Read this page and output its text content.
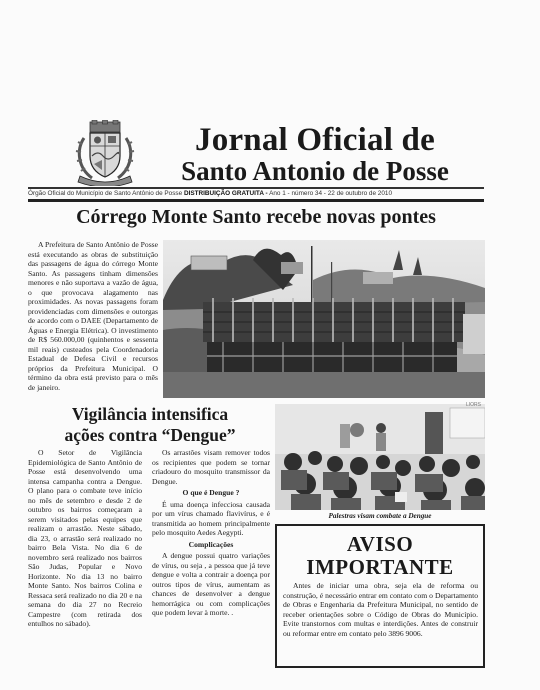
Jornal Oficial de
Santo Antonio de Posse
Órgão Oficial do Município de Santo Antônio de Posse DISTRIBUIÇÃO GRATUITA - Ano 1 - número 34 - 22 de outubro de 2010
Córrego Monte Santo recebe novas pontes

A Prefeitura de Santo Antônio de Posse está executando as obras de substituição das passagens de água do córrego Monte Santo. As passagens tinham dimensões menores e não suportava a vazão de água, o que provocava alagamento nas proximidades. As novas passagens foram providenciadas com dimensões e outorgas de acordo com o DAEE (Departamento de Águas e Energia Elétrica). O investimento de R$ 560.000,00 (quinhentos e sessenta mil reais) custeados pela Coordenadoria Estadual de Defesa Civil e recursos próprios da Prefeitura Municipal. O término da obra está previsto para o mês de janeiro.

Vigilância intensifica
ações contra “Dengue”

O Setor de Vigilância Epidemiológica de Santo Antônio de Posse está desenvolvendo uma intensa campanha contra a Dengue. O plano para o combate teve início no mês de setembro e desde 2 de outubro os bairros começaram a serem visitados pelas equipes que realizam o arrastão. Neste sábado, dia 23, o arrastão será realizado no bairro Bela Vista. No dia 6 de novembro será realizado nos bairros São Judas, Popular e Novo Horizonte. No dia 13 no bairro Monte Santo. Nos bairros Colina e Ressaca será realizado no dia 20 e na semana do dia 27 no Recreio Campestre (com retirada dos entulhos no sábado).

Os arrastões visam remover todos os recipientes que podem se tornar criadouro do mosquito transmissor da Dengue.

O que é Dengue ?

É uma doença infecciosa causada por um vírus chamado flavivírus, e é transmitida ao homem principalmente pelo mosquito Aedes Aegypti.

Complicações

A dengue possui quatro variações de vírus, ou seja , a pessoa que já teve dengue e volta a contrair a doença por outros tipos de vírus, aumentam as chances de desenvolver a dengue hemorrágica ou com complicações que podem levar à morte. .

LIORS
Palestras visam combate a Dengue
AVISO
IMPORTANTE

Antes de iniciar uma obra, seja ela de reforma ou construção, é necessário entrar em contato com o Departamento de Obras e Engenharia da Prefeitura Municipal, no sentido de receber orientações sobre o Código de Obras do Município. Evite transtornos com multas e interdições. Antes de construir ou reformar entre em contato pelo 3896 9006.
